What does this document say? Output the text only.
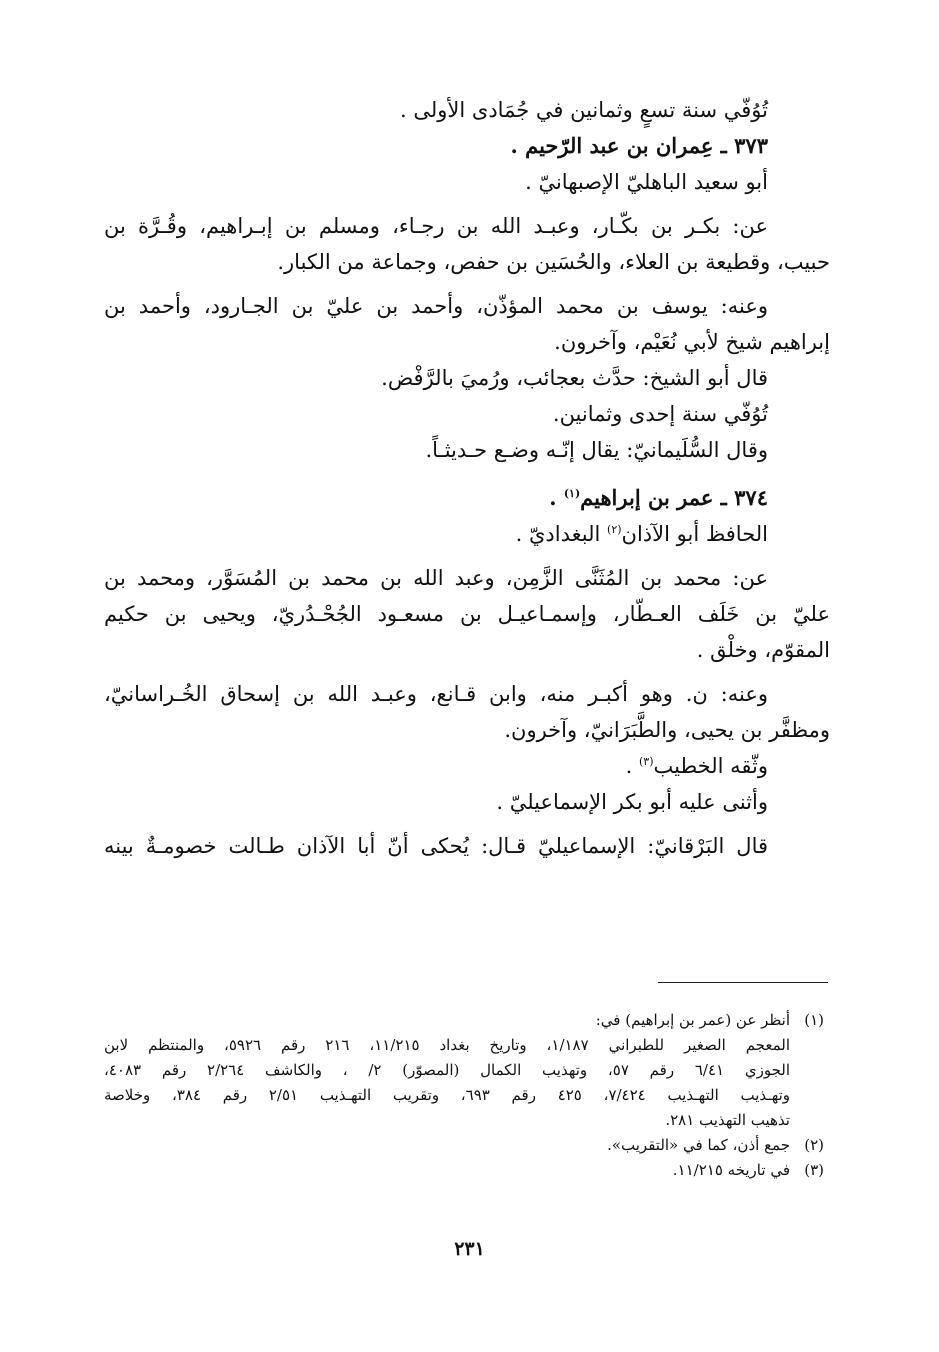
تُوُفّي سنة تسعٍ وثمانين في جُمَادى الأولى .

٣٧٣ ـ عِمران بن عبد الرّحيم .

أبو سعيد الباهليّ الإصبهانيّ .

عن: بكـر بن بكّـار، وعبـد الله بن رجـاء، ومسلم بن إبـراهيم، وقُـرَّة بن

حبيب، وقطيعة بن العلاء، والحُسَين بن حفص، وجماعة من الكبار.

وعنه: يوسف بن محمد المؤذّن، وأحمد بن عليّ بن الجـارود، وأحمد بن

إبراهيم شيخ لأبي نُعَيْم، وآخرون.

قال أبو الشيخ: حدَّث بعجائب، ورُميَ بالرَّفْض.

تُوُفّي سنة إحدى وثمانين.

وقال السُّلَيمانيّ: يقال إنّـه وضـع حـديثـاً.

٣٧٤ ـ عمر بن إبراهيم$^{(١)}$ .

الحافظ أبو الآذان$^{(٢)}$ البغداديّ .

عن: محمد بن المُثَنَّى الزَّمِن، وعبد الله بن محمد بن المُسَوَّر، ومحمد بن

عليّ بن خَلَف العـطّار، وإسمـاعيـل بن مسعـود الجُحْـدُريّ، ويحيى بن حكيم

المقوّم، وخلْق .

وعنه: ن. وهو أكبـر منه، وابن قـانع، وعبـد الله بن إسحاق الخُـراسانيّ،

ومظفَّر بن يحيى، والطَّبَرَانيّ، وآخرون.

وثّقه الخطيب$^{(٣)}$ .

وأثنى عليه أبو بكر الإسماعيليّ .

قال البَرْقانيّ: الإسماعيليّ قـال: يُحكى أنّ أبا الآذان طـالت خصومـةٌ بينه

(١)
أنظر عن (عمر بن إبراهيم) في:
المعجم الصغير للطبراني ١/١٨٧، وتاريخ بغداد ١١/٢١٥، ٢١٦ رقم ٥٩٢٦، والمنتظم لابن
الجوزي ٦/٤١ رقم ٥٧، وتهذيب الكمال (المصوّر) ٢/ ، والكاشف ٢/٢٦٤ رقم ٤٠٨٣،
وتهـذيب التهـذيب ٧/٤٢٤، ٤٢٥ رقم ٦٩٣، وتقريب التهـذيب ٢/٥١ رقم ٣٨٤، وخلاصة
تذهيب التهذيب ٢٨١.
(٢)
جمع أذن، كما في «التقريب».
(٣)
في تاريخه ١١/٢١٥.
٢٣١
